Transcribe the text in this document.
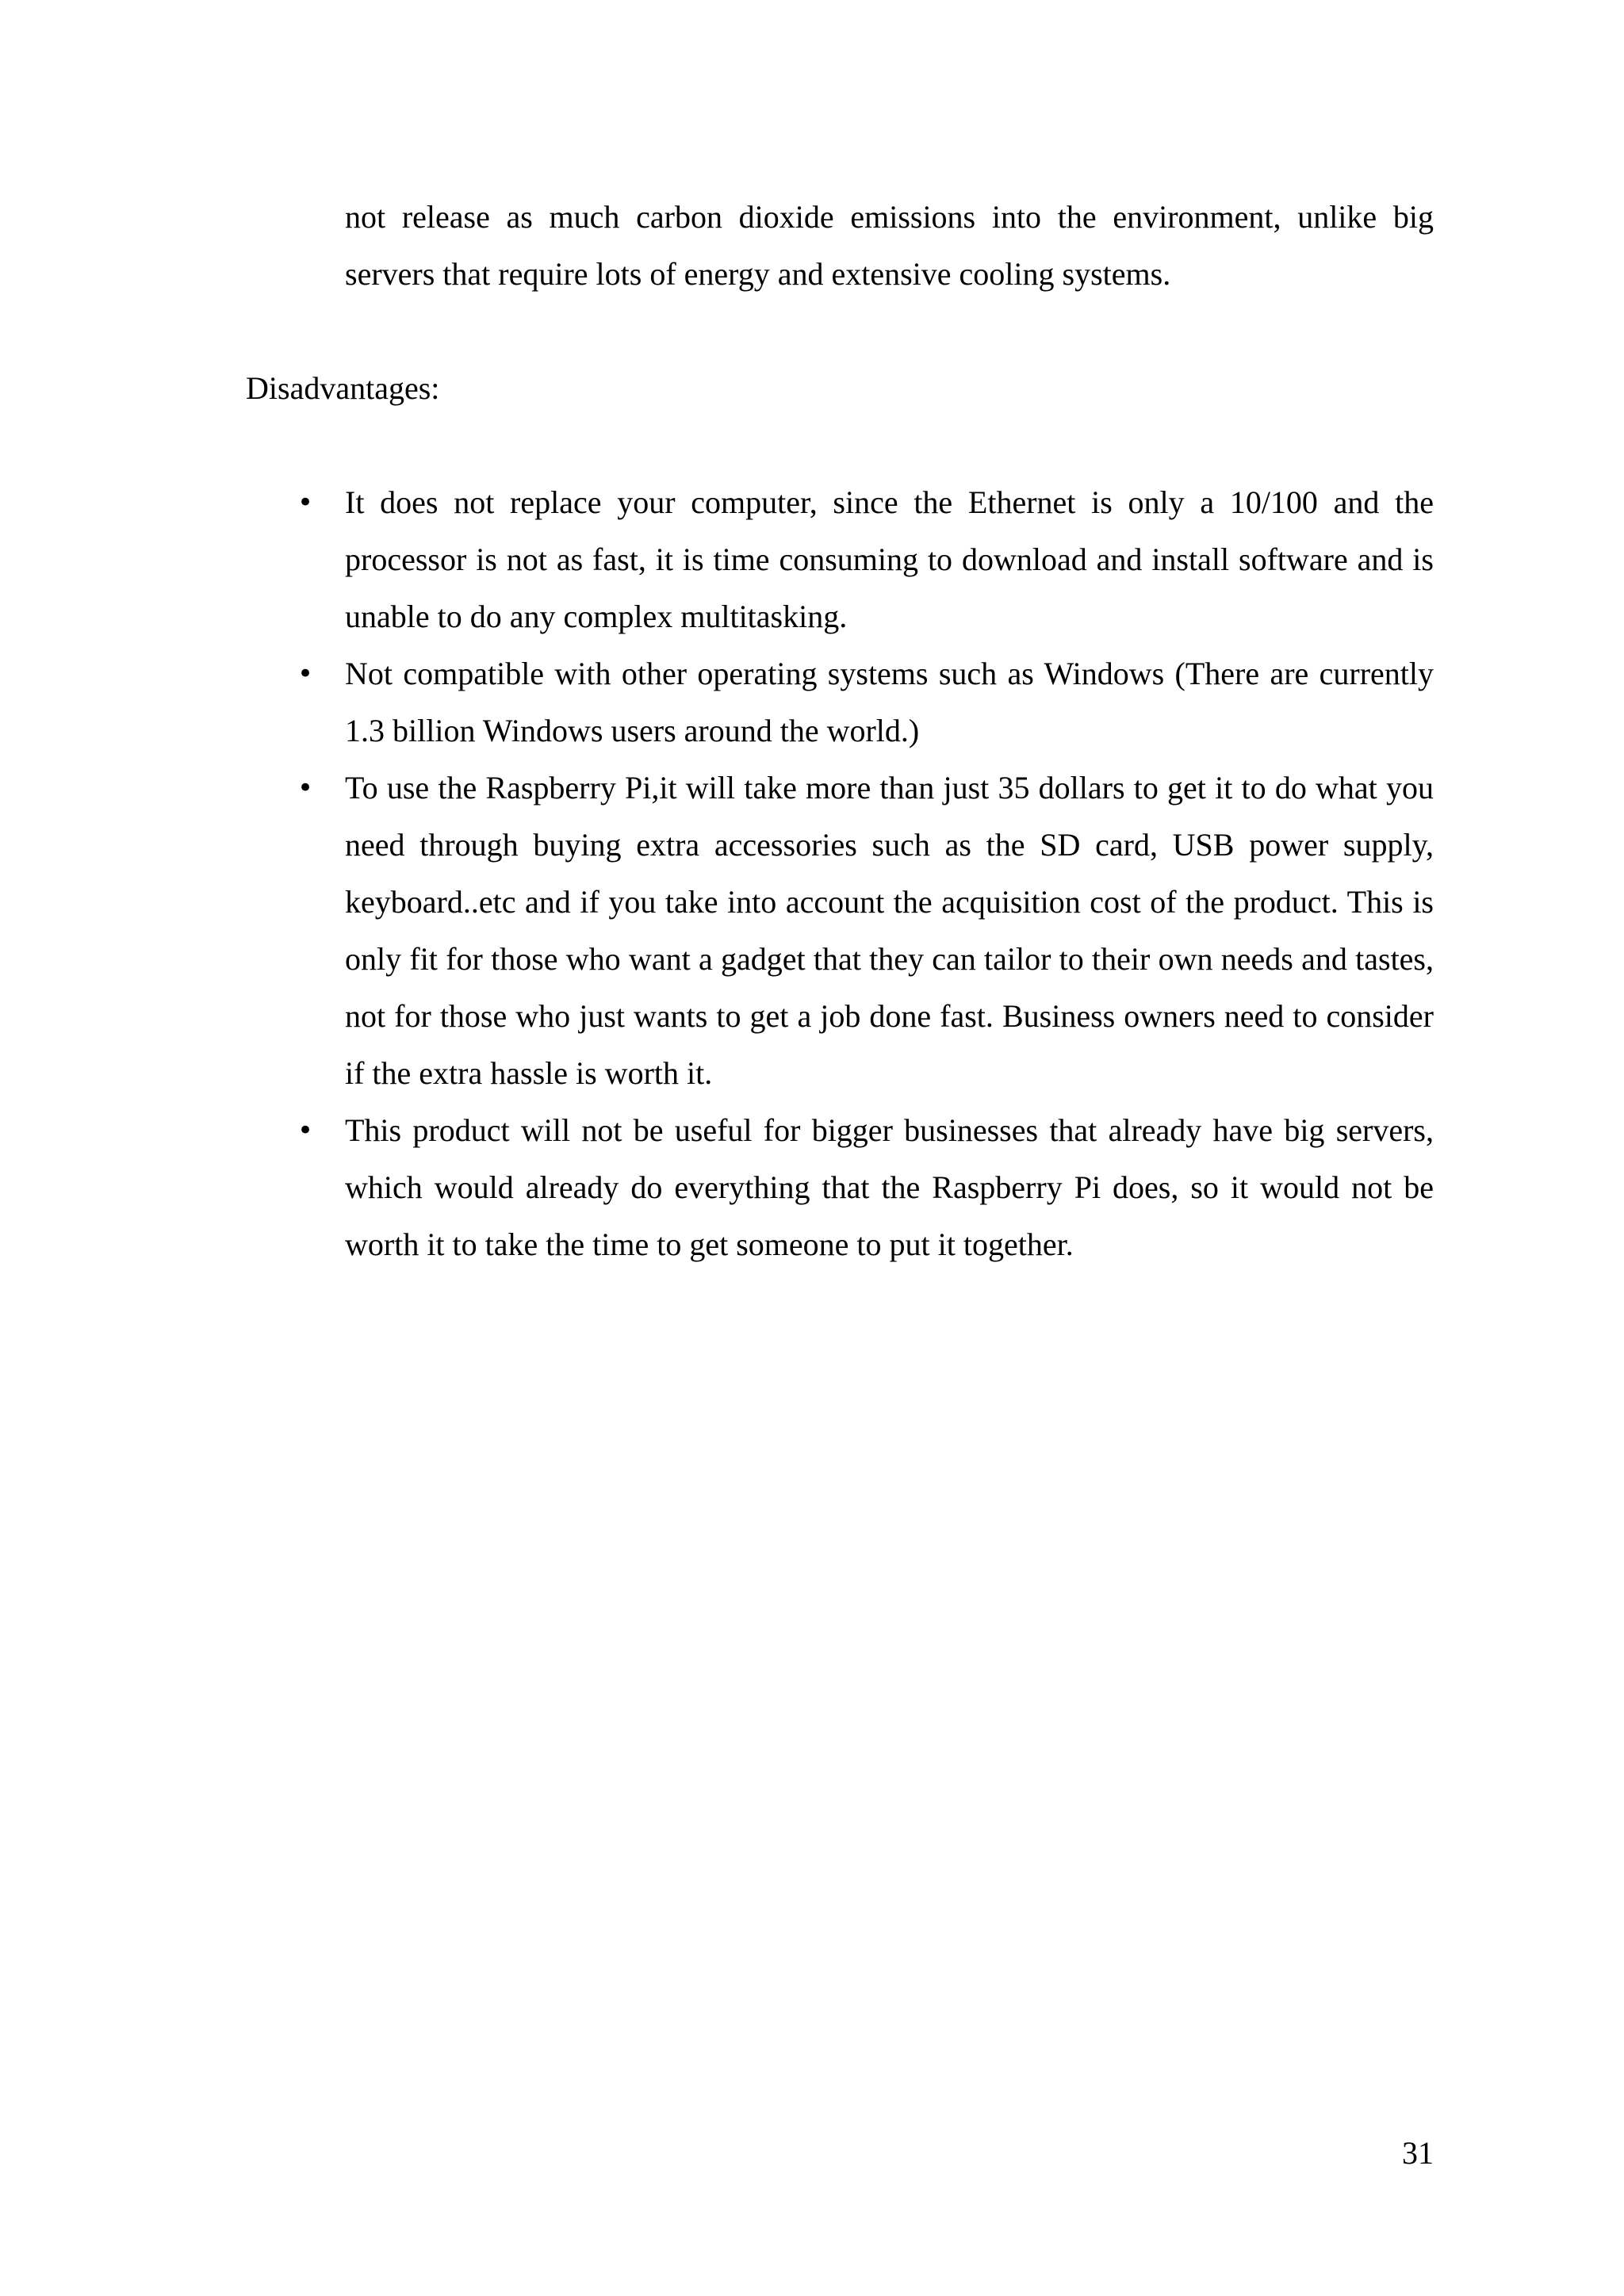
not release as much carbon dioxide emissions into the environment, unlike big servers that require lots of energy and extensive cooling systems.

Disadvantages:
• It does not replace your computer, since the Ethernet is only a 10/100 and the processor is not as fast, it is time consuming to download and install software and is unable to do any complex multitasking.
• Not compatible with other operating systems such as Windows (There are currently 1.3 billion Windows users around the world.)
• To use the Raspberry Pi,it will take more than just 35 dollars to get it to do what you need through buying extra accessories such as the SD card, USB power supply, keyboard..etc and if you take into account the acquisition cost of the product. This is only fit for those who want a gadget that they can tailor to their own needs and tastes, not for those who just wants to get a job done fast. Business owners need to consider if the extra hassle is worth it.
• This product will not be useful for bigger businesses that already have big servers, which would already do everything that the Raspberry Pi does, so it would not be worth it to take the time to get someone to put it together.

31
